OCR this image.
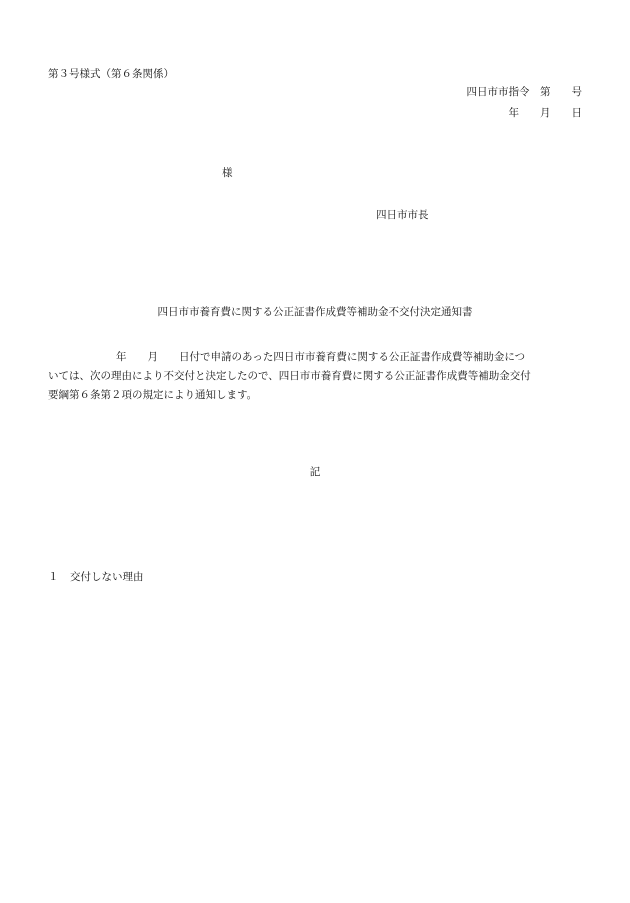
第３号様式（第６条関係）
四日市市指令　第　　号
年　　月　　日
様
四日市市長
四日市市養育費に関する公正証書作成費等補助金不交付決定通知書
年　　月　　日付で申請のあった四日市市養育費に関する公正証書作成費等補助金につ
いては、次の理由により不交付と決定したので、四日市市養育費に関する公正証書作成費等補助金交付
要綱第６条第２項の規定により通知します。
記
１ 交付しない理由
